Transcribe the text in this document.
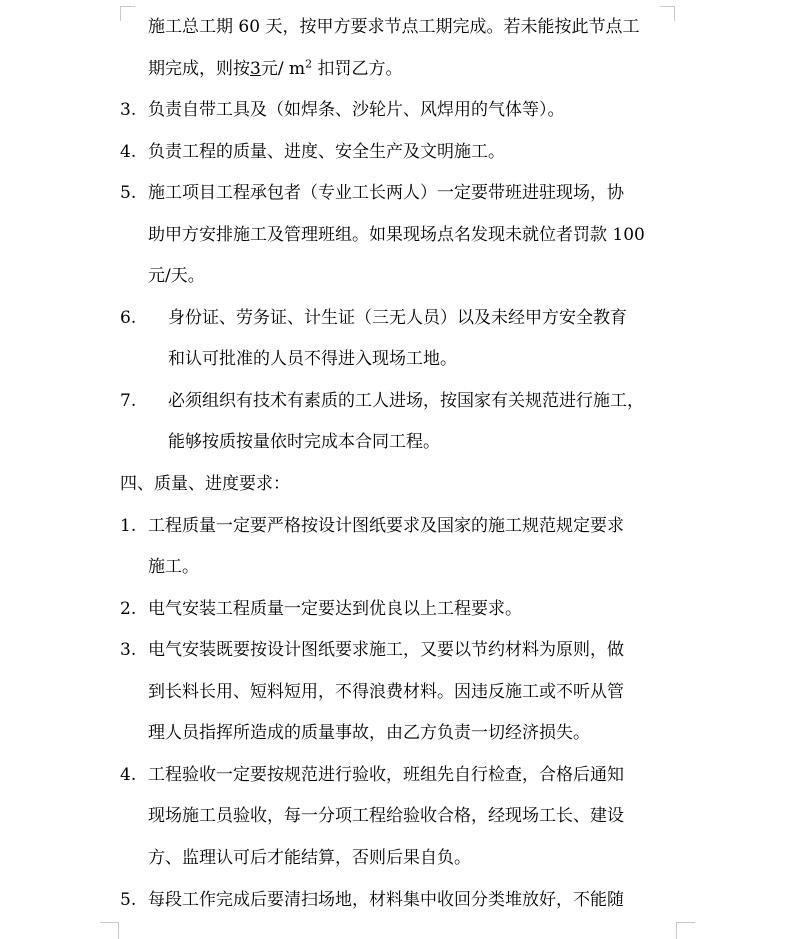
施工总工期 60 天，按甲方要求节点工期完成。若未能按此节点工
期完成，则按3元/ $m^2$ 扣罚乙方。
3. 负责自带工具及（如焊条、沙轮片、风焊用的气体等）。
4. 负责工程的质量、进度、安全生产及文明施工。
5. 施工项目工程承包者（专业工长两人）一定要带班进驻现场，协
助甲方安排施工及管理班组。如果现场点名发现未就位者罚款 100
元/天。
6. 身份证、劳务证、计生证（三无人员）以及未经甲方安全教育
和认可批准的人员不得进入现场工地。
7. 必须组织有技术有素质的工人进场，按国家有关规范进行施工，
能够按质按量依时完成本合同工程。
四、质量、进度要求：
1. 工程质量一定要严格按设计图纸要求及国家的施工规范规定要求
施工。
2. 电气安装工程质量一定要达到优良以上工程要求。
3. 电气安装既要按设计图纸要求施工，又要以节约材料为原则，做
到长料长用、短料短用，不得浪费材料。因违反施工或不听从管
理人员指挥所造成的质量事故，由乙方负责一切经济损失。
4. 工程验收一定要按规范进行验收，班组先自行检查，合格后通知
现场施工员验收，每一分项工程给验收合格，经现场工长、建设
方、监理认可后才能结算，否则后果自负。
5. 每段工作完成后要清扫场地，材料集中收回分类堆放好，不能随
